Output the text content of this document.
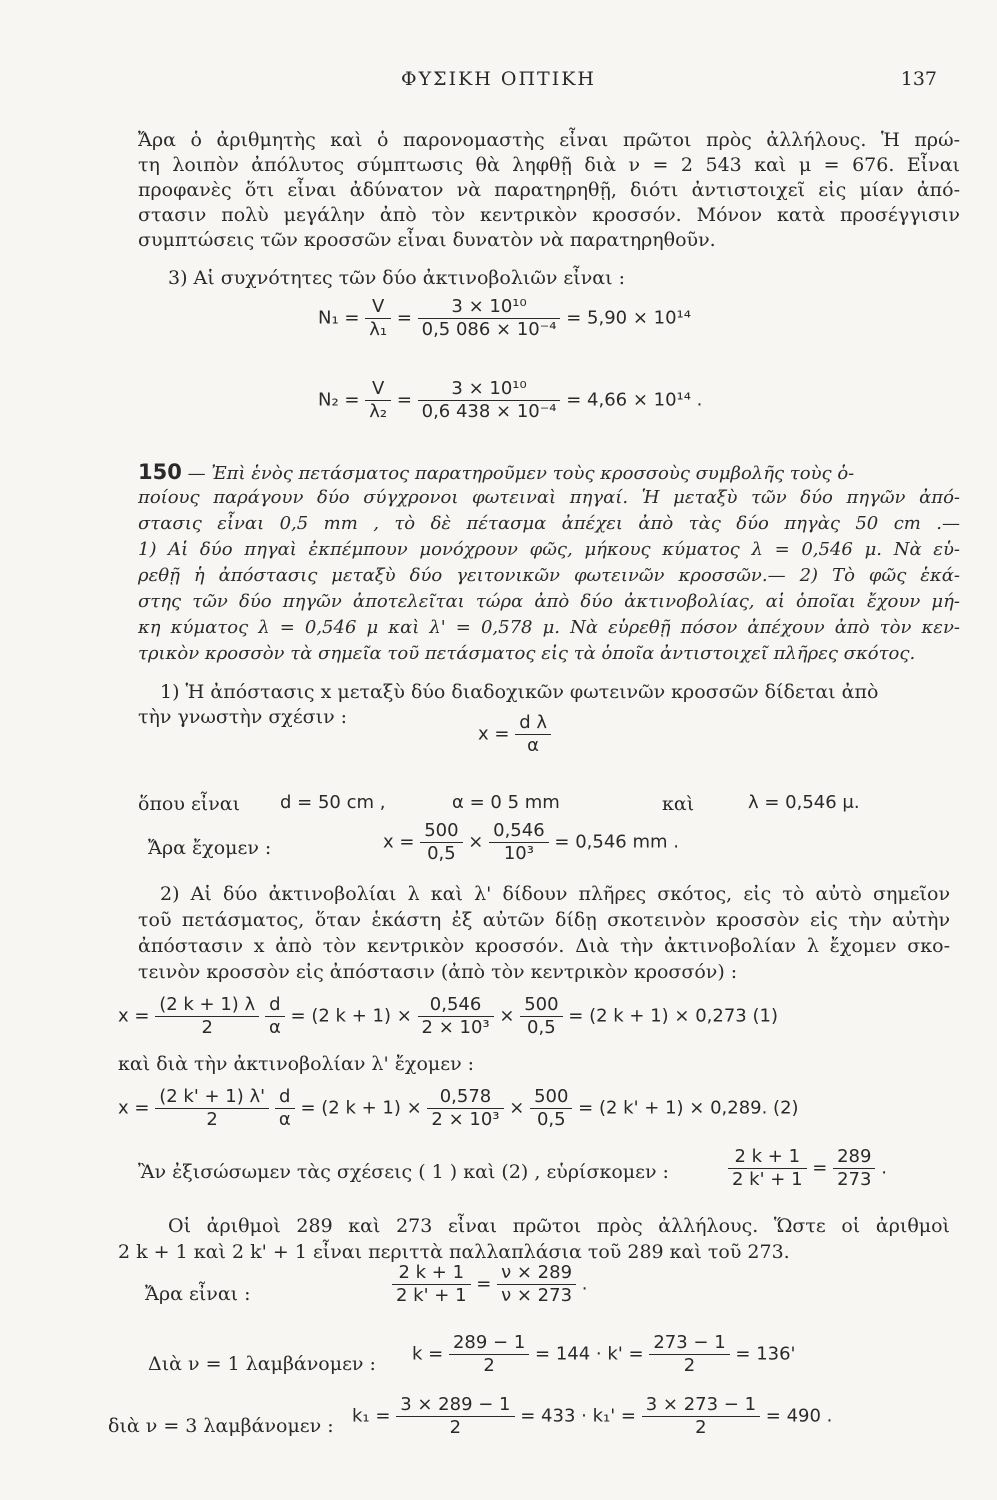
ΦΥΣΙΚΗ ΟΠΤΙΚΗ	137
Ἄρα ὁ ἀριθμητὴς καὶ ὁ παρονομαστὴς εἶναι πρῶτοι πρὸς ἀλλήλους. Ἡ πρώ-
τη λοιπὸν ἀπόλυτος σύμπτωσις θὰ ληφθῇ διὰ ν = 2 543 καὶ μ = 676. Εἶναι
προφανὲς ὅτι εἶναι ἀδύνατον νὰ παρατηρηθῇ, διότι ἀντιστοιχεῖ εἰς μίαν ἀπό-
στασιν πολὺ μεγάλην ἀπὸ τὸν κεντρικὸν κροσσόν. Μόνον κατὰ προσέγγισιν
συμπτώσεις τῶν κροσσῶν εἶναι δυνατὸν νὰ παρατηρηθοῦν.
3) Αἱ συχνότητες τῶν δύο ἀκτινοβολιῶν εἶναι :
$N_1 = \frac{V}{\text{λ₁}} = \frac{\text{3 × 10¹⁰}}{\text{0,5 086 × 10⁻⁴}} = 5,90 \times 10^{14}$
$N_2 = \frac{V}{\text{λ₂}} = \frac{\text{3 × 10¹⁰}}{\text{0,6 438 × 10⁻⁴}} = 4,66 \times 10^{14}$ .
150 — Ἐπὶ ἑνὸς πετάσματος παρατηροῦμεν τοὺς κροσσοὺς συμβολῆς τοὺς ὁ-
ποίους παράγουν δύο σύγχρονοι φωτειναὶ πηγαί. Ἡ μεταξὺ τῶν δύο πηγῶν ἀπό-
στασις εἶναι 0,5 mm , τὸ δὲ πέτασμα ἀπέχει ἀπὸ τὰς δύο πηγὰς 50 cm .—
1) Αἱ δύο πηγαὶ ἐκπέμπουν μονόχρουν φῶς, μήκους κύματος λ = 0,546 μ. Νὰ εὑ-
ρεθῇ ἡ ἀπόστασις μεταξὺ δύο γειτονικῶν φωτεινῶν κροσσῶν.— 2) Τὸ φῶς ἑκά-
στης τῶν δύο πηγῶν ἀποτελεῖται τώρα ἀπὸ δύο ἀκτινοβολίας, αἱ ὁποῖαι ἔχουν μή-
κη κύματος λ = 0,546 μ καὶ λ' = 0,578 μ. Νὰ εὑρεθῇ πόσον ἀπέχουν ἀπὸ τὸν κεν-
τρικὸν κροσσὸν τὰ σημεῖα τοῦ πετάσματος εἰς τὰ ὁποῖα ἀντιστοιχεῖ πλῆρες σκότος.
1) Ἡ ἀπόστασις x μεταξὺ δύο διαδοχικῶν φωτεινῶν κροσσῶν δίδεται ἀπὸ
τὴν γνωστὴν σχέσιν :
$x = \frac{\text{d λ}}{\alpha}$
ὅπου εἶναι	d = 50 cm ,	α = 0 5 mm	καὶ	λ = 0,546 μ.
Ἄρα ἔχομεν :	$x = \frac{500}{0,5} \times \frac{0,546}{\text{10³}} = 0,546$ mm .
2) Αἱ δύο ἀκτινοβολίαι λ καὶ λ' δίδουν πλῆρες σκότος, εἰς τὸ αὐτὸ σημεῖον
τοῦ πετάσματος, ὅταν ἑκάστη ἐξ αὐτῶν δίδῃ σκοτεινὸν κροσσὸν εἰς τὴν αὐτὴν
ἀπόστασιν x ἀπὸ τὸν κεντρικὸν κροσσόν. Διὰ τὴν ἀκτινοβολίαν λ ἔχομεν σκο-
τεινὸν κροσσὸν εἰς ἀπόστασιν (ἀπὸ τὸν κεντρικὸν κροσσόν) :
$x = \frac{(2 k + 1) \lambda}{2}$
$\frac{d}{\alpha} = (2$ $k + 1) \times \frac{0,546}{\text{2 × 10³}} \times \frac{500}{0,5} = (2$ k + 1) × 0,273 (1)
καὶ διὰ τὴν ἀκτινοβολίαν λ' ἔχομεν :
$x = \frac{(2 k' + 1) \lambda'}{2}$
$\frac{d}{\alpha} = (2$ $k + 1) \times \frac{0,578}{\text{2 × 10³}} \times \frac{500}{0,5} = (2$ k' + 1) × 0,289. (2)
Ἂν ἐξισώσωμεν τὰς σχέσεις ( 1 ) καὶ (2) , εὑρίσκομεν :	$\frac{2 k + 1}{2 k' + 1} = \frac{289}{273}$ .
Οἱ ἀριθμοὶ 289 καὶ 273 εἶναι πρῶτοι πρὸς ἀλλήλους. Ὥστε οἱ ἀριθμοὶ
2 k + 1 καὶ 2 k' + 1 εἶναι περιττὰ παλλαπλάσια τοῦ 289 καὶ τοῦ 273.
Ἄρα εἶναι :	$\frac{2 k + 1}{2 k' + 1} = \frac{\nu \times 289}{\nu \times 273}$ .
Διὰ ν = 1 λαμβάνομεν :	$k = \frac{289 - 1}{2} = 144 \cdot k' = \frac{273 - 1}{2} = 136'$
διὰ ν = 3 λαμβάνομεν :	$k_1 = \frac{3 \times 289 - 1}{2} = 433 \cdot k_1' = \frac{3 \times 273 - 1}{2} = 490$ .
